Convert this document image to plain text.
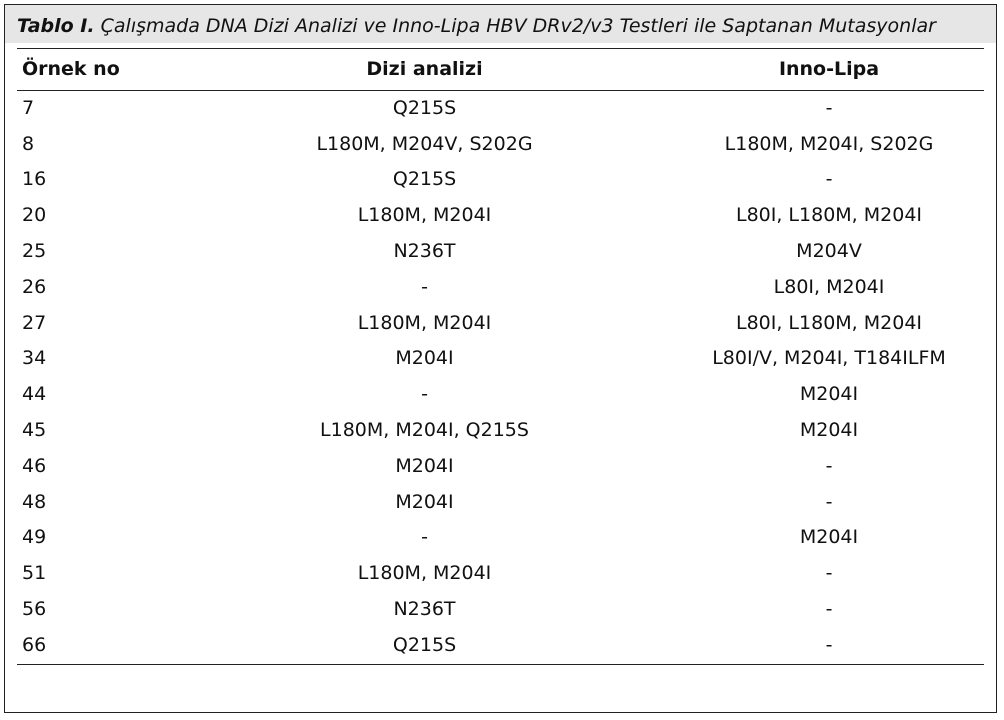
Tablo I. Çalışmada DNA Dizi Analizi ve Inno-Lipa HBV DRv2/v3 Testleri ile Saptanan Mutasyonlar
Örnek no	Dizi analizi	Inno-Lipa
7	Q215S	-
8	L180M, M204V, S202G	L180M, M204I, S202G
16	Q215S	-
20	L180M, M204I	L80I, L180M, M204I
25	N236T	M204V
26	-	L80I, M204I
27	L180M, M204I	L80I, L180M, M204I
34	M204I	L80I/V, M204I, T184ILFM
44	-	M204I
45	L180M, M204I, Q215S	M204I
46	M204I	-
48	M204I	-
49	-	M204I
51	L180M, M204I	-
56	N236T	-
66	Q215S	-
